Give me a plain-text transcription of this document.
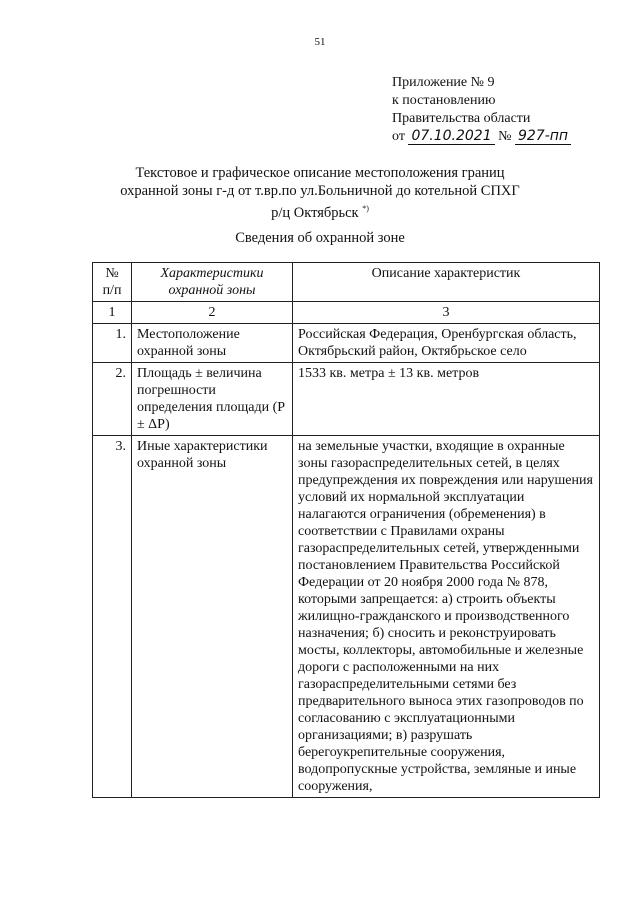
51
Приложение № 9
к постановлению
Правительства области
от 07.10.2021 № 927-пп
Текстовое и графическое описание местоположения границ
охранной зоны г-д от т.вр.по ул.Больничной до котельной СПХГ
р/ц Октябрьск *)
Сведения об охранной зоне
№ п/п	Характеристики охранной зоны	Описание характеристик
1	2	3
1.	Местоположение охранной зоны	Российская Федерация, Оренбургская область, Октябрьский район, Октябрьское село
2.	Площадь ± величина погрешности определения площади (P ± ΔP)	1533 кв. метра ± 13 кв. метров
3.	Иные характеристики охранной зоны	на земельные участки, входящие в охранные зоны газораспределительных сетей, в целях предупреждения их повреждения или нарушения условий их нормальной эксплуатации налагаются ограничения (обременения) в соответствии с Правилами охраны газораспределительных сетей, утвержденными постановлением Правительства Российской Федерации от 20 ноября 2000 года № 878, которыми запрещается: а) строить объекты жилищно-гражданского и производственного назначения; б) сносить и реконструировать мосты, коллекторы, автомобильные и железные дороги с расположенными на них газораспределительными сетями без предварительного выноса этих газопроводов по согласованию с эксплуатационными организациями; в) разрушать берегоукрепительные сооружения, водопропускные устройства, земляные и иные сооружения,
